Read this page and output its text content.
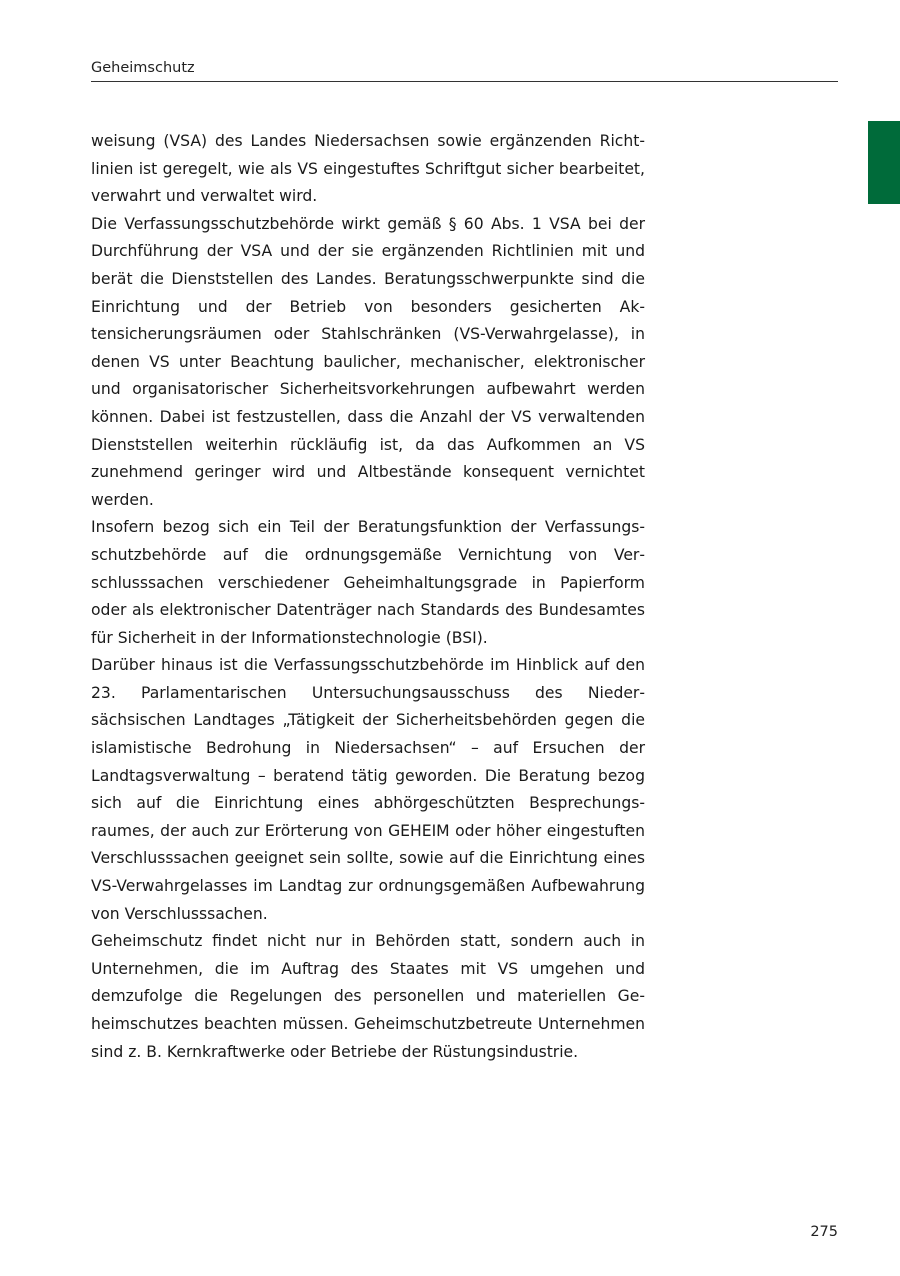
Geheimschutz

weisung (VSA) des Landes Niedersachsen sowie ergänzenden Richtlinien ist geregelt, wie als VS eingestuftes Schriftgut sicher bearbeitet, verwahrt und verwaltet wird.

Die Verfassungsschutzbehörde wirkt gemäß § 60 Abs. 1 VSA bei der Durchführung der VSA und der sie ergänzenden Richtlinien mit und berät die Dienststellen des Landes. Beratungsschwerpunkte sind die Einrichtung und der Betrieb von besonders gesicherten Aktensicherungsräumen oder Stahlschränken (VS-Verwahrgelasse), in denen VS unter Beachtung baulicher, mechanischer, elektronischer und organisatorischer Sicherheitsvorkehrungen aufbewahrt werden können. Dabei ist festzustellen, dass die Anzahl der VS verwaltenden Dienststellen weiterhin rückläufig ist, da das Aufkommen an VS zunehmend geringer wird und Altbestände konsequent vernichtet werden.

Insofern bezog sich ein Teil der Beratungsfunktion der Verfassungsschutzbehörde auf die ordnungsgemäße Vernichtung von Verschlusssachen verschiedener Geheimhaltungsgrade in Papierform oder als elektronischer Datenträger nach Standards des Bundesamtes für Sicherheit in der Informationstechnologie (BSI).

Darüber hinaus ist die Verfassungsschutzbehörde im Hinblick auf den 23. Parlamentarischen Untersuchungsausschuss des Niedersächsischen Landtages „Tätigkeit der Sicherheitsbehörden gegen die islamistische Bedrohung in Niedersachsen“ – auf Ersuchen der Landtagsverwaltung – beratend tätig geworden. Die Beratung bezog sich auf die Einrichtung eines abhörgeschützten Besprechungsraumes, der auch zur Erörterung von GEHEIM oder höher eingestuften Verschlusssachen geeignet sein sollte, sowie auf die Einrichtung eines VS-Verwahrgelasses im Landtag zur ordnungsgemäßen Aufbewahrung von Verschlusssachen.

Geheimschutz findet nicht nur in Behörden statt, sondern auch in Unternehmen, die im Auftrag des Staates mit VS umgehen und demzufolge die Regelungen des personellen und materiellen Geheimschutzes beachten müssen. Geheimschutzbetreute Unternehmen sind z. B. Kernkraftwerke oder Betriebe der Rüstungsindustrie.

275
